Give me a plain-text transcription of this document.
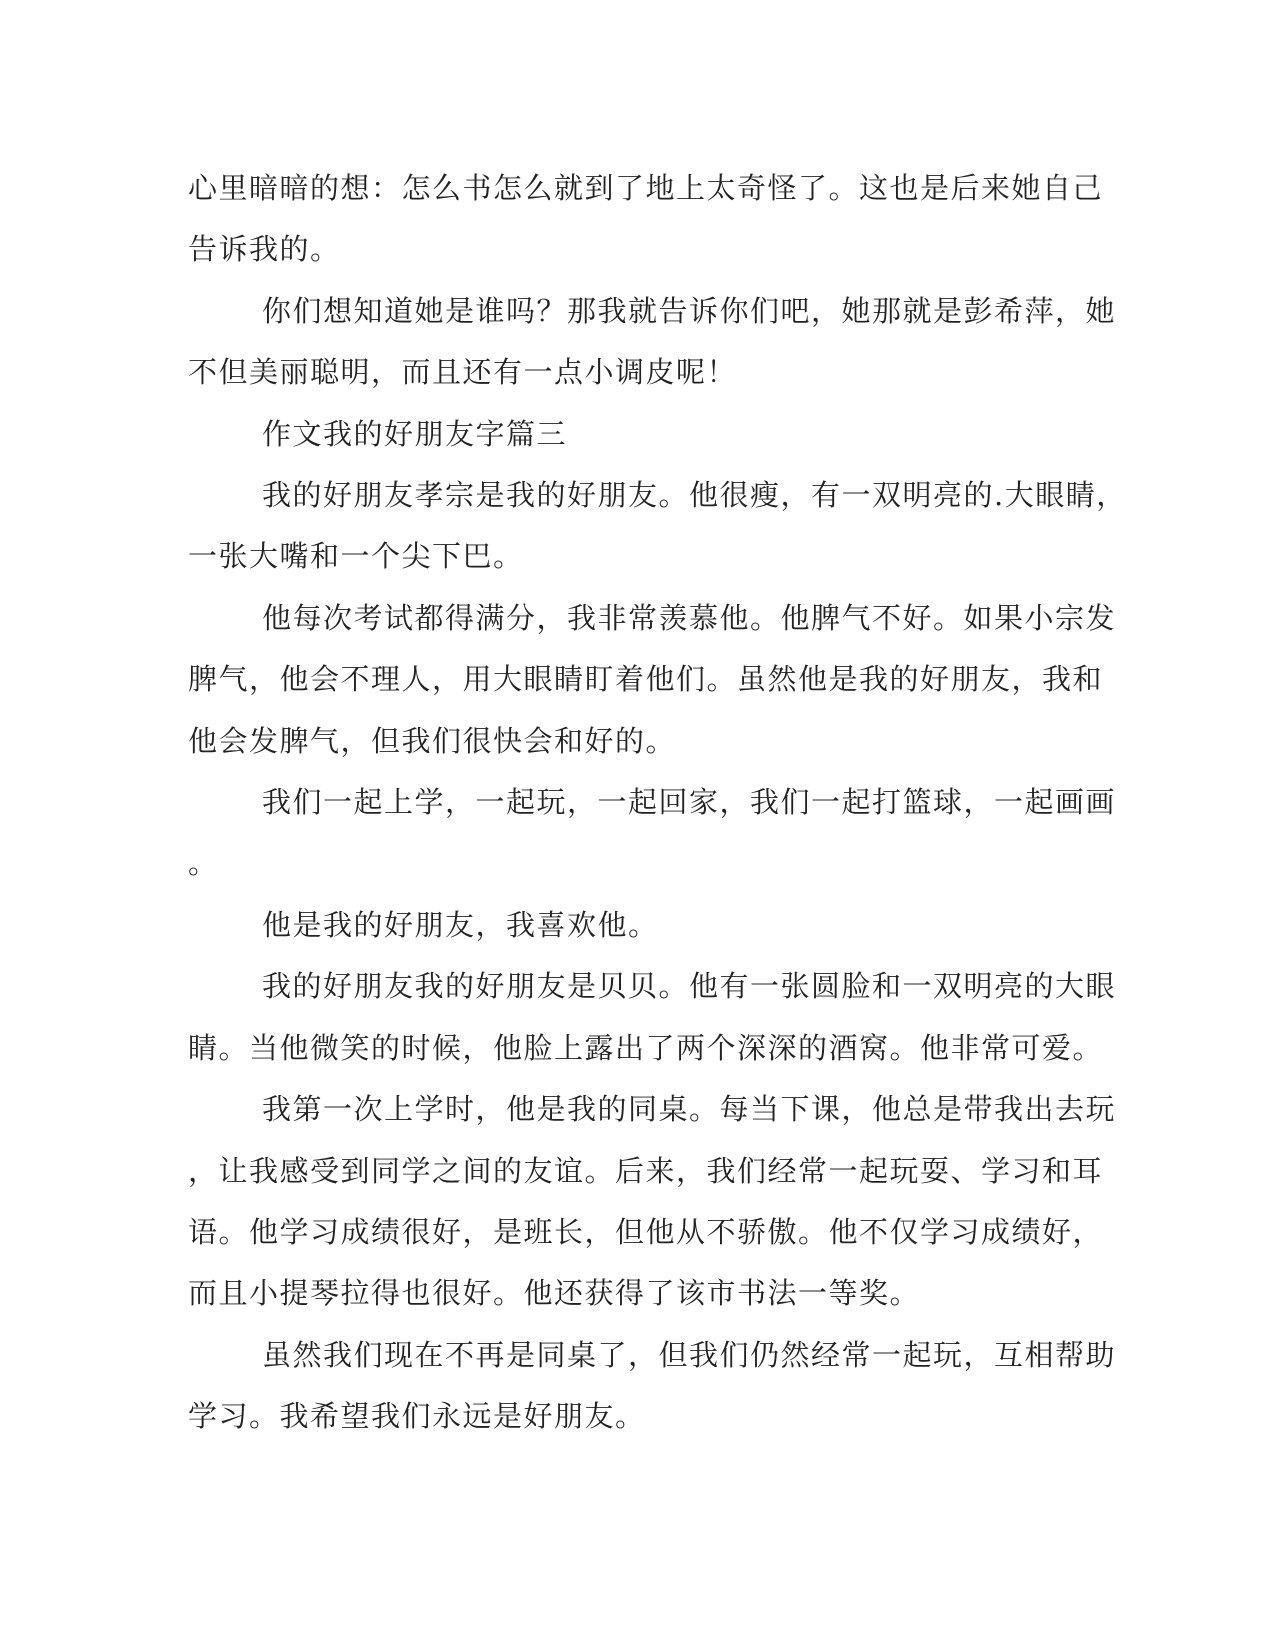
心里暗暗的想：怎么书怎么就到了地上太奇怪了。这也是后来她自己

告诉我的。

你们想知道她是谁吗？那我就告诉你们吧，她那就是彭希萍，她

不但美丽聪明，而且还有一点小调皮呢！

作文我的好朋友字篇三

我的好朋友孝宗是我的好朋友。他很瘦，有一双明亮的.大眼睛，

一张大嘴和一个尖下巴。

他每次考试都得满分，我非常羡慕他。他脾气不好。如果小宗发

脾气，他会不理人，用大眼睛盯着他们。虽然他是我的好朋友，我和

他会发脾气，但我们很快会和好的。

我们一起上学，一起玩，一起回家，我们一起打篮球，一起画画

。

他是我的好朋友，我喜欢他。

我的好朋友我的好朋友是贝贝。他有一张圆脸和一双明亮的大眼

睛。当他微笑的时候，他脸上露出了两个深深的酒窝。他非常可爱。

我第一次上学时，他是我的同桌。每当下课，他总是带我出去玩

，让我感受到同学之间的友谊。后来，我们经常一起玩耍、学习和耳

语。他学习成绩很好，是班长，但他从不骄傲。他不仅学习成绩好，

而且小提琴拉得也很好。他还获得了该市书法一等奖。

虽然我们现在不再是同桌了，但我们仍然经常一起玩，互相帮助

学习。我希望我们永远是好朋友。
